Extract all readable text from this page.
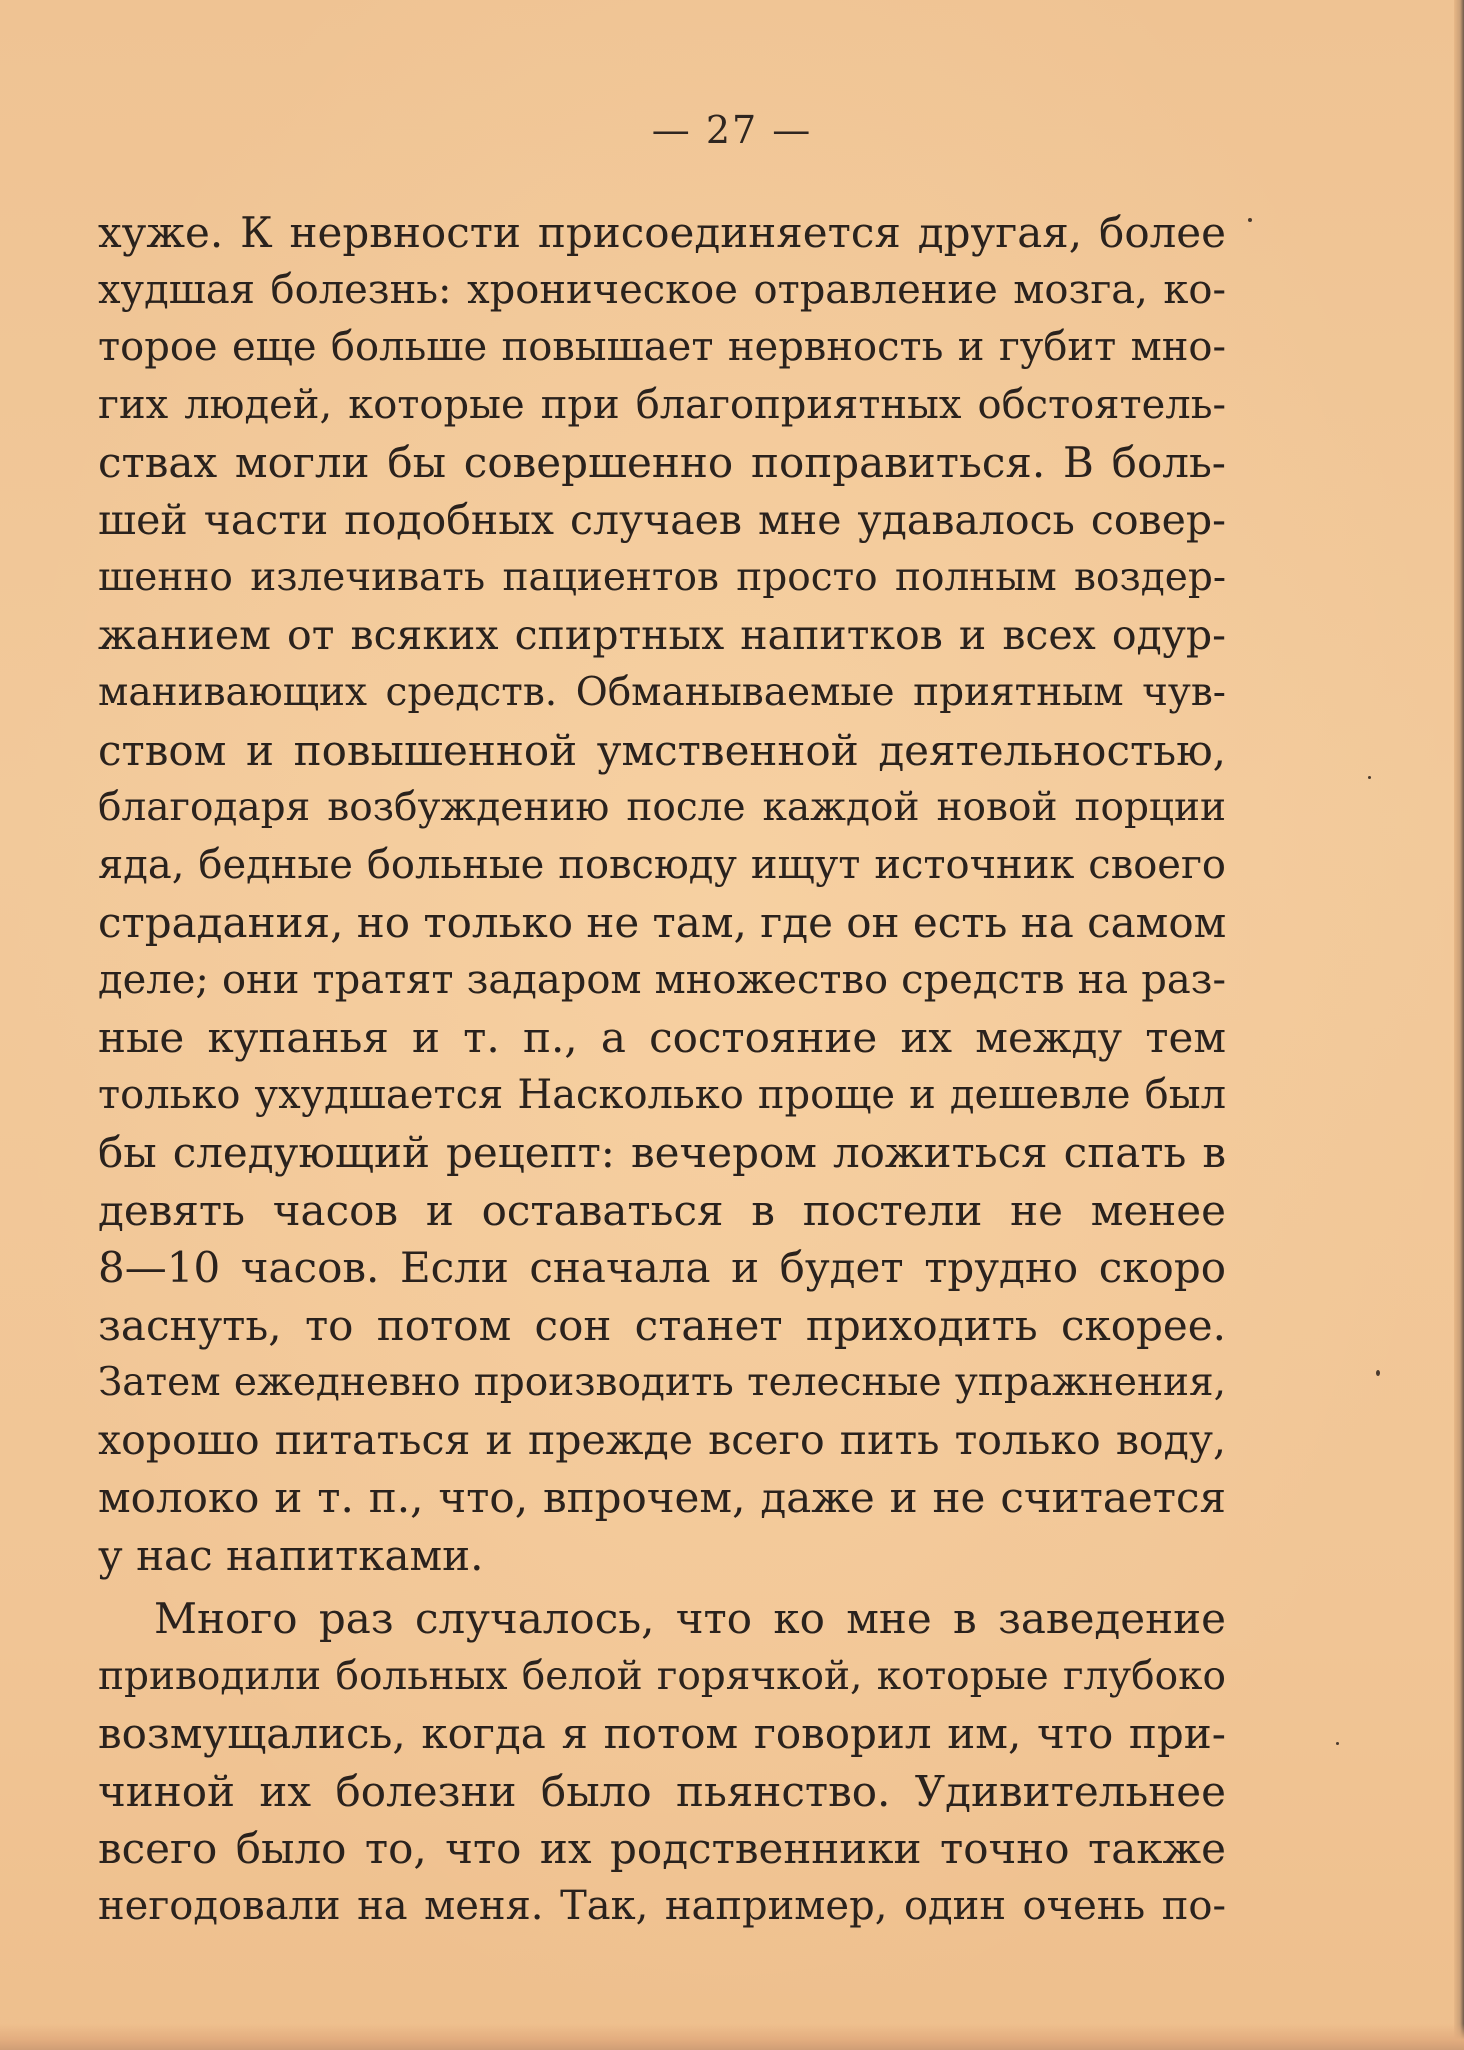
— 27 —
хуже. К нервности присоединяется другая, более
худшая болезнь: хроническое отравление мозга, ко-
торое еще больше повышает нервность и губит мно-
гих людей, которые при благоприятных обстоятель-
ствах могли бы совершенно поправиться. В боль-
шей части подобных случаев мне удавалось совер-
шенно излечивать пациентов просто полным воздер-
жанием от всяких спиртных напитков и всех одур-
манивающих средств. Обманываемые приятным чув-
ством и повышенной умственной деятельностью,
благодаря возбуждению после каждой новой порции
яда, бедные больные повсюду ищут источник своего
страдания, но только не там, где он есть на самом
деле; они тратят задаром множество средств на раз-
ные купанья и т. п., а состояние их между тем
только ухудшается Насколько проще и дешевле был
бы следующий рецепт: вечером ложиться спать в
девять часов и оставаться в постели не менее
8—10 часов. Если сначала и будет трудно скоро
заснуть, то потом сон станет приходить скорее.
Затем ежедневно производить телесные упражнения,
хорошо питаться и прежде всего пить только воду,
молоко и т. п., что, впрочем, даже и не считается
у нас напитками.
Много раз случалось, что ко мне в заведение
приводили больных белой горячкой, которые глубоко
возмущались, когда я потом говорил им, что при-
чиной их болезни было пьянство. Удивительнее
всего было то, что их родственники точно также
негодовали на меня. Так, например, один очень по-
